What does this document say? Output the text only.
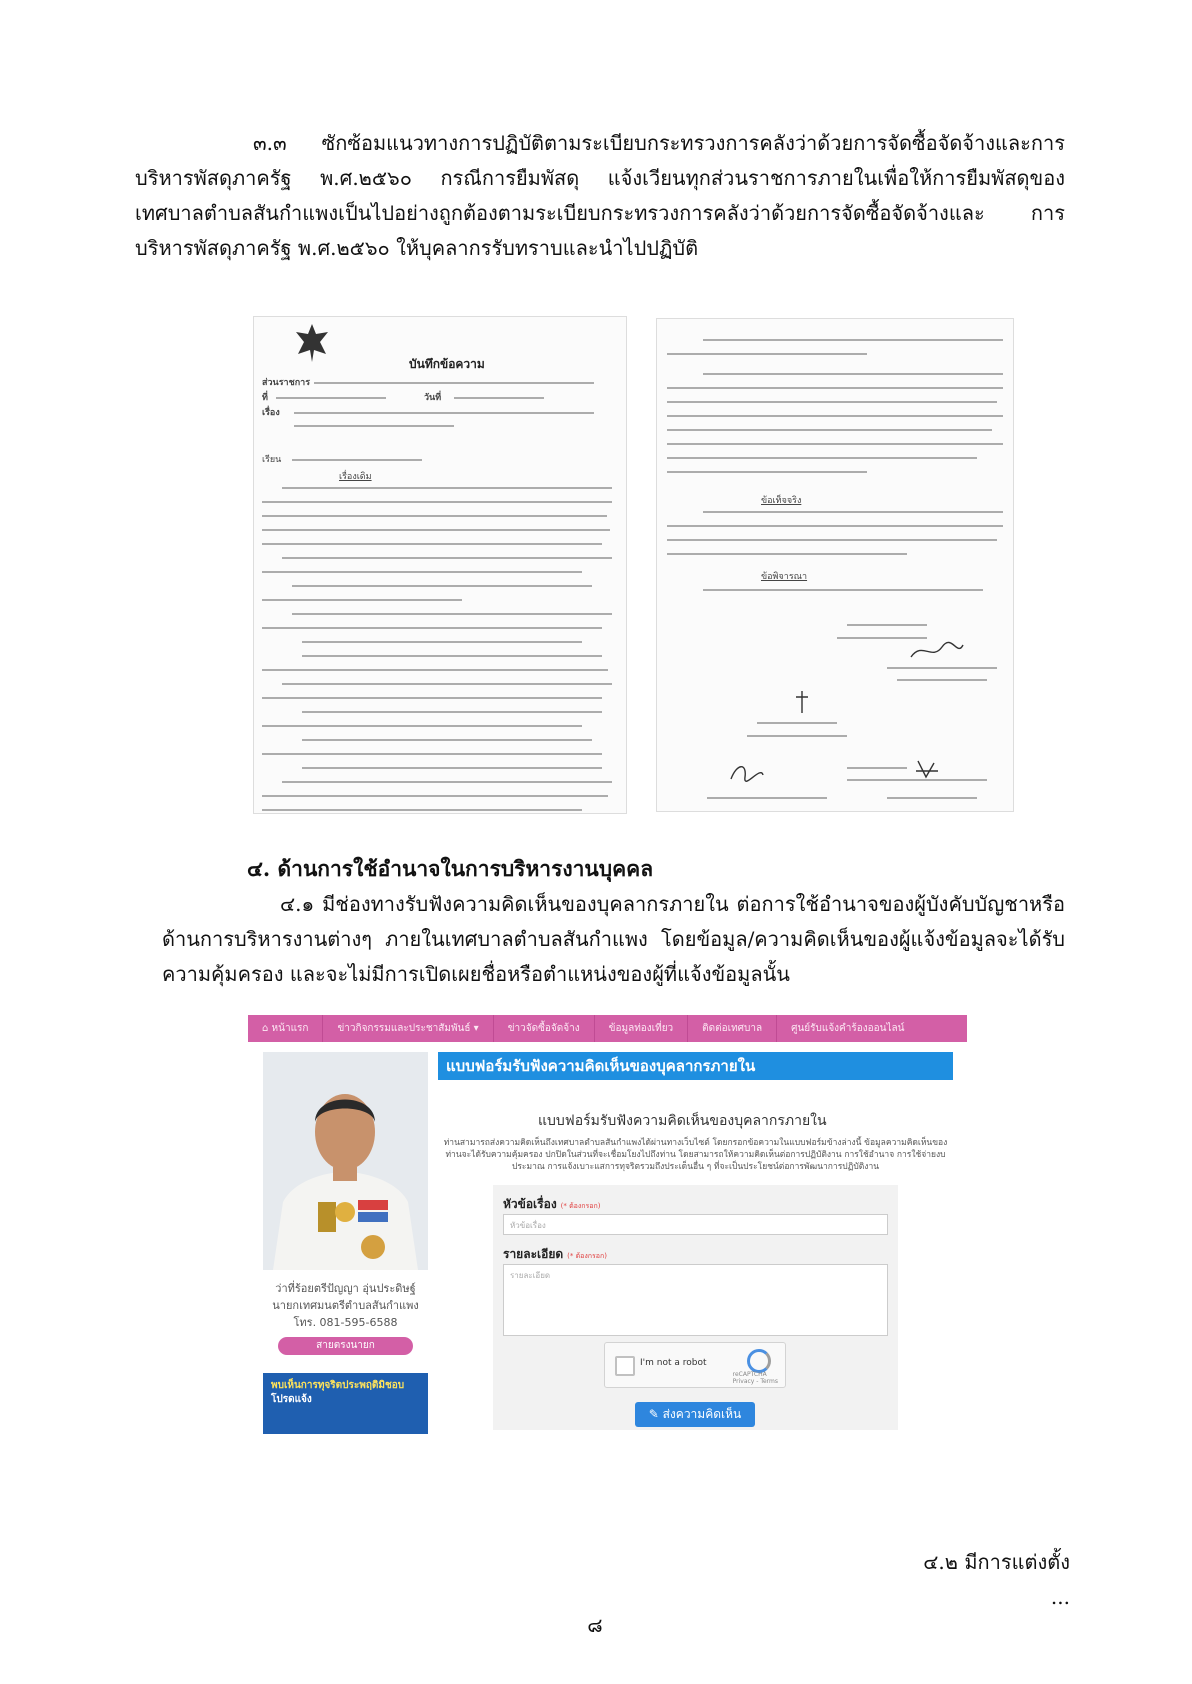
๓.๓ ซักซ้อมแนวทางการปฏิบัติตามระเบียบกระทรวงการคลังว่าด้วยการจัดซื้อจัดจ้างและการบริหารพัสดุภาครัฐ พ.ศ.๒๕๖๐ กรณีการยืมพัสดุ แจ้งเวียนทุกส่วนราชการภายในเพื่อให้การยืมพัสดุของเทศบาลตำบลสันกำแพงเป็นไปอย่างถูกต้องตามระเบียบกระทรวงการคลังว่าด้วยการจัดซื้อจัดจ้างและ การบริหารพัสดุภาครัฐ พ.ศ.๒๕๖๐ ให้บุคลากรรับทราบและนำไปปฏิบัติ

บันทึกข้อความ
ส่วนราชการ
ที่	วันที่
เรื่อง
เรียน
เรื่องเดิม
ข้อเท็จจริง
ข้อพิจารณา

๔. ด้านการใช้อำนาจในการบริหารงานบุคคล

๔.๑ มีช่องทางรับฟังความคิดเห็นของบุคลากรภายใน ต่อการใช้อำนาจของผู้บังคับบัญชาหรือด้านการบริหารงานต่างๆ ภายในเทศบาลตำบลสันกำแพง โดยข้อมูล/ความคิดเห็นของผู้แจ้งข้อมูลจะได้รับความคุ้มครอง และจะไม่มีการเปิดเผยชื่อหรือตำแหน่งของผู้ที่แจ้งข้อมูลนั้น

⌂ หน้าแรก	ข่าวกิจกรรมและประชาสัมพันธ์ ▾	ข่าวจัดซื้อจัดจ้าง	ข้อมูลท่องเที่ยว	ติดต่อเทศบาล	ศูนย์รับแจ้งคำร้องออนไลน์
ว่าที่ร้อยตรีปัญญา อุ่นประดิษฐ์
นายกเทศมนตรีตำบลสันกำแพง
โทร. 081-595-6588
สายตรงนายก
พบเห็นการทุจริตประพฤติมิชอบ
โปรดแจ้ง
แบบฟอร์มรับฟังความคิดเห็นของบุคลากรภายใน
แบบฟอร์มรับฟังความคิดเห็นของบุคลากรภายใน
ท่านสามารถส่งความคิดเห็นถึงเทศบาลตำบลสันกำแพงได้ผ่านทางเว็บไซต์ โดยกรอกข้อความในแบบฟอร์มข้างล่างนี้ ข้อมูลความคิดเห็นของท่านจะได้รับความคุ้มครอง ปกปิดในส่วนที่จะเชื่อมโยงไปถึงท่าน โดยสามารถให้ความคิดเห็นต่อการปฏิบัติงาน การใช้อำนาจ การใช้จ่ายงบประมาณ การแจ้งเบาะแสการทุจริตรวมถึงประเด็นอื่น ๆ ที่จะเป็นประโยชน์ต่อการพัฒนาการปฏิบัติงาน
หัวข้อเรื่อง (* ต้องกรอก)
หัวข้อเรื่อง
รายละเอียด (* ต้องกรอก)
รายละเอียด
I'm not a robot
reCAPTCHA
Privacy - Terms
✎ ส่งความคิดเห็น

๔.๒ มีการแต่งตั้ง ...

๘
